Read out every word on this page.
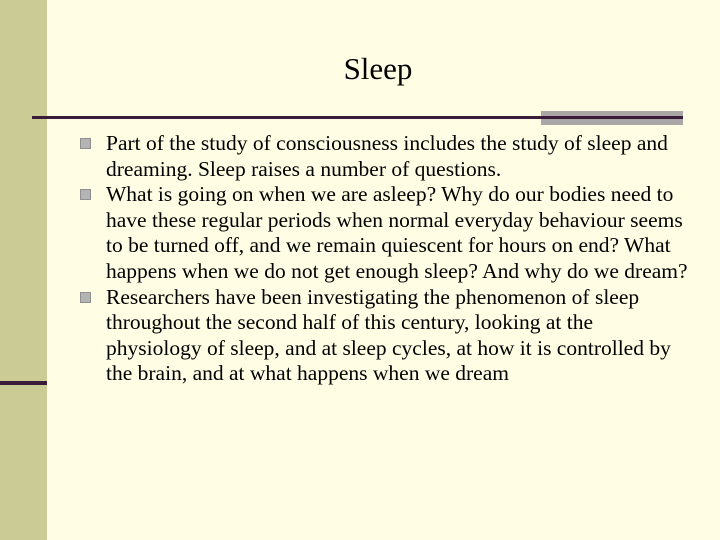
Sleep

Part of the study of consciousness includes the study of sleep and dreaming. Sleep raises a number of questions.

What is going on when we are asleep? Why do our bodies need to have these regular periods when normal everyday behaviour seems to be turned off, and we remain quiescent for hours on end? What happens when we do not get enough sleep? And why do we dream?

Researchers have been investigating the phenomenon of sleep throughout the second half of this century, looking at the physiology of sleep, and at sleep cycles, at how it is controlled by the brain, and at what happens when we dream
